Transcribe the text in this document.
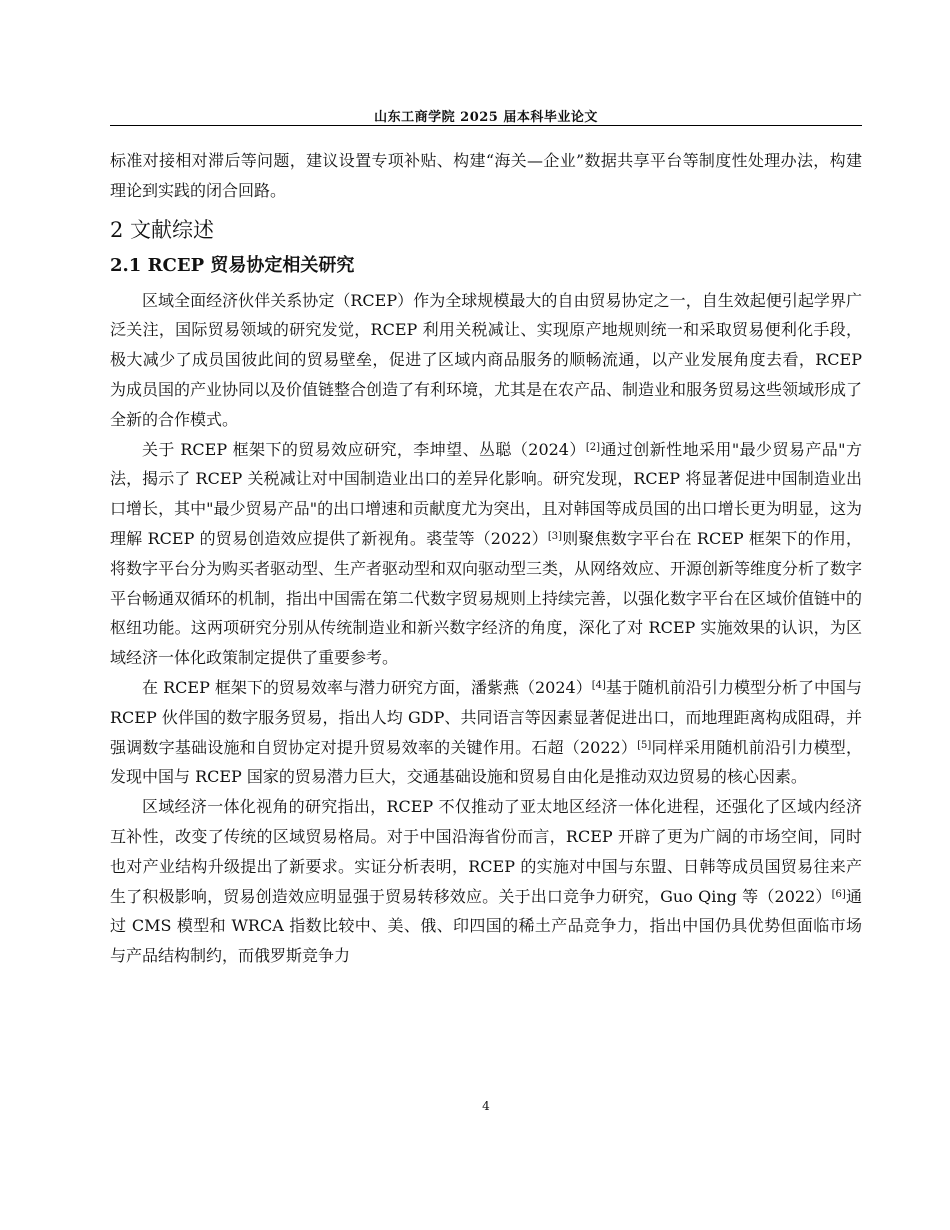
山东工商学院 2025 届本科毕业论文

标准对接相对滞后等问题，建议设置专项补贴、构建“海关—企业”数据共享平台等制度性处理办法，构建理论到实践的闭合回路。

2 文献综述
2.1 RCEP 贸易协定相关研究

区域全面经济伙伴关系协定（RCEP）作为全球规模最大的自由贸易协定之一，自生效起便引起学界广泛关注，国际贸易领域的研究发觉，RCEP 利用关税减让、实现原产地规则统一和采取贸易便利化手段，极大减少了成员国彼此间的贸易壁垒，促进了区域内商品服务的顺畅流通，以产业发展角度去看，RCEP 为成员国的产业协同以及价值链整合创造了有利环境，尤其是在农产品、制造业和服务贸易这些领域形成了全新的合作模式。

关于 RCEP 框架下的贸易效应研究，李坤望、丛聪（2024）[2]通过创新性地采用"最少贸易产品"方法，揭示了 RCEP 关税减让对中国制造业出口的差异化影响。研究发现，RCEP 将显著促进中国制造业出口增长，其中"最少贸易产品"的出口增速和贡献度尤为突出，且对韩国等成员国的出口增长更为明显，这为理解 RCEP 的贸易创造效应提供了新视角。裘莹等（2022）[3]则聚焦数字平台在 RCEP 框架下的作用，将数字平台分为购买者驱动型、生产者驱动型和双向驱动型三类，从网络效应、开源创新等维度分析了数字平台畅通双循环的机制，指出中国需在第二代数字贸易规则上持续完善，以强化数字平台在区域价值链中的枢纽功能。这两项研究分别从传统制造业和新兴数字经济的角度，深化了对 RCEP 实施效果的认识，为区域经济一体化政策制定提供了重要参考。

在 RCEP 框架下的贸易效率与潜力研究方面，潘紫燕（2024）[4]基于随机前沿引力模型分析了中国与 RCEP 伙伴国的数字服务贸易，指出人均 GDP、共同语言等因素显著促进出口，而地理距离构成阻碍，并强调数字基础设施和自贸协定对提升贸易效率的关键作用。石超（2022）[5]同样采用随机前沿引力模型，发现中国与 RCEP 国家的贸易潜力巨大，交通基础设施和贸易自由化是推动双边贸易的核心因素。

区域经济一体化视角的研究指出，RCEP 不仅推动了亚太地区经济一体化进程，还强化了区域内经济互补性，改变了传统的区域贸易格局。对于中国沿海省份而言，RCEP 开辟了更为广阔的市场空间，同时也对产业结构升级提出了新要求。实证分析表明，RCEP 的实施对中国与东盟、日韩等成员国贸易往来产生了积极影响，贸易创造效应明显强于贸易转移效应。关于出口竞争力研究，Guo Qing 等（2022）[6]通过 CMS 模型和 WRCA 指数比较中、美、俄、印四国的稀土产品竞争力，指出中国仍具优势但面临市场与产品结构制约，而俄罗斯竞争力

4
